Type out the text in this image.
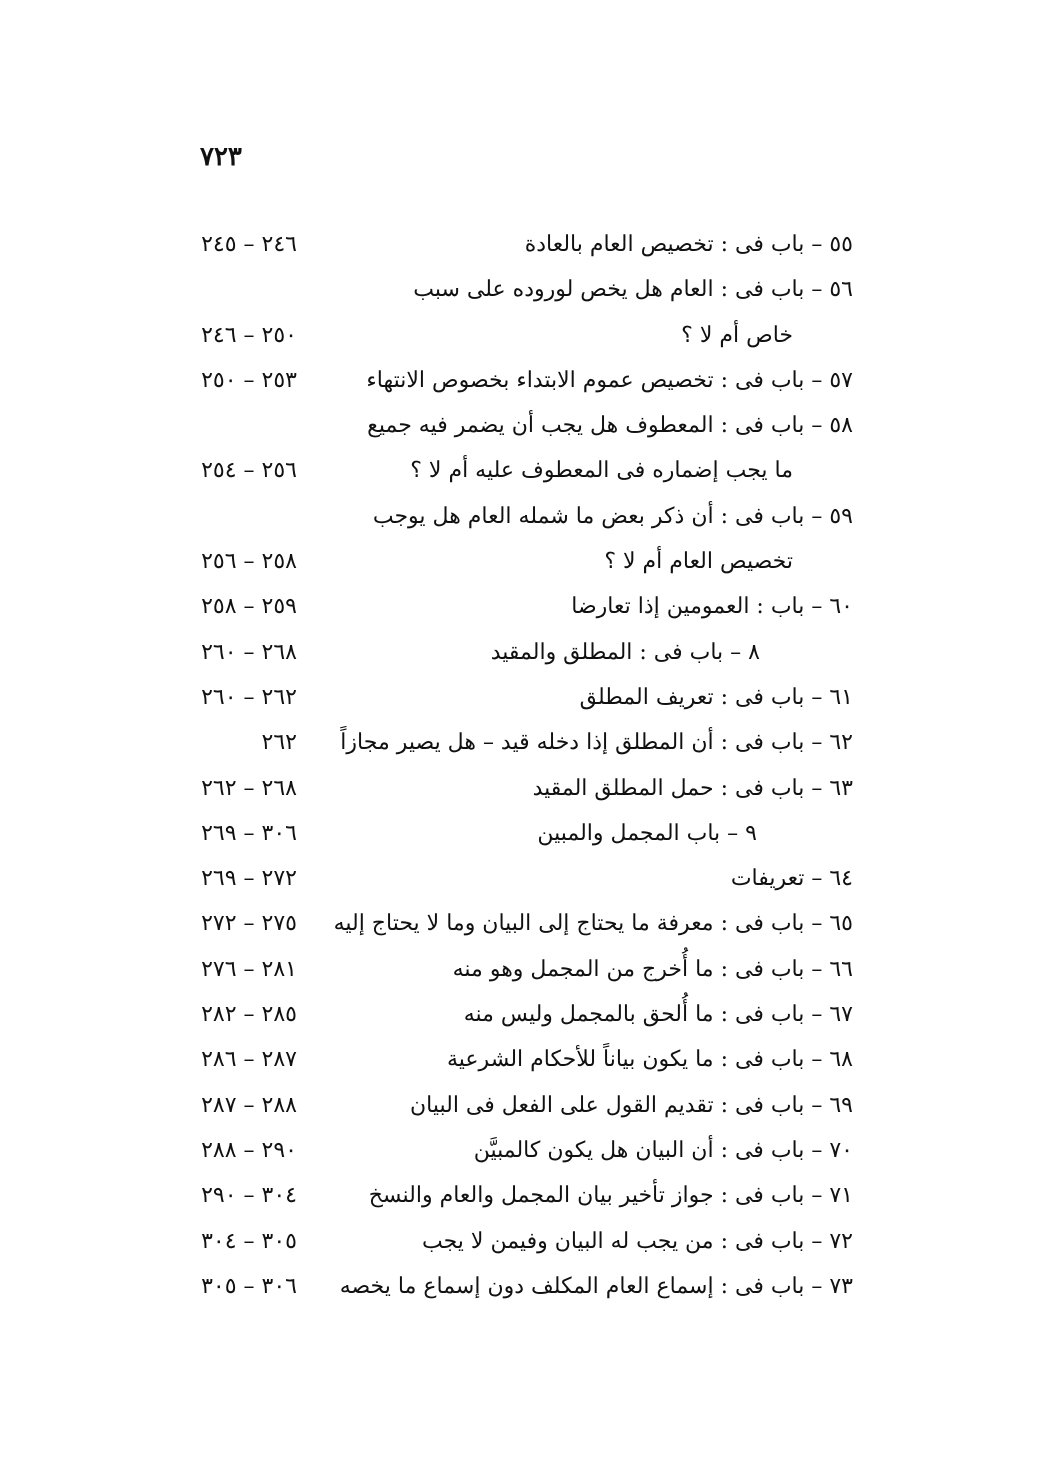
٧٢٣
٥٥ – باب فى : تخصيص العام بالعادة
٢٤٦ – ٢٤٥
٥٦ – باب فى : العام هل يخص لوروده على سبب
خاص أم لا ؟
٢٥٠ – ٢٤٦
٥٧ – باب فى : تخصيص عموم الابتداء بخصوص الانتهاء
٢٥٣ – ٢٥٠
٥٨ – باب فى : المعطوف هل يجب أن يضمر فيه جميع
ما يجب إضماره فى المعطوف عليه أم لا ؟
٢٥٦ – ٢٥٤
٥٩ – باب فى : أن ذكر بعض ما شمله العام هل يوجب
تخصيص العام أم لا ؟
٢٥٨ – ٢٥٦
٦٠ – باب : العمومين إذا تعارضا
٢٥٩ – ٢٥٨
٨ – باب فى : المطلق والمقيد
٢٦٨ – ٢٦٠
٦١ – باب فى : تعريف المطلق
٢٦٢ – ٢٦٠
٦٢ – باب فى : أن المطلق إذا دخله قيد – هل يصير مجازاً
٢٦٢
٦٣ – باب فى : حمل المطلق المقيد
٢٦٨ – ٢٦٢
٩ – باب المجمل والمبين
٣٠٦ – ٢٦٩
٦٤ – تعريفات
٢٧٢ – ٢٦٩
٦٥ – باب فى : معرفة ما يحتاج إلى البيان وما لا يحتاج إليه
٢٧٥ – ٢٧٢
٦٦ – باب فى : ما أُخرج من المجمل وهو منه
٢٨١ – ٢٧٦
٦٧ – باب فى : ما أُلحق بالمجمل وليس منه
٢٨٥ – ٢٨٢
٦٨ – باب فى : ما يكون بياناً للأحكام الشرعية
٢٨٧ – ٢٨٦
٦٩ – باب فى : تقديم القول على الفعل فى البيان
٢٨٨ – ٢٨٧
٧٠ – باب فى : أن البيان هل يكون كالمبيَّن
٢٩٠ – ٢٨٨
٧١ – باب فى : جواز تأخير بيان المجمل والعام والنسخ
٣٠٤ – ٢٩٠
٧٢ – باب فى : من يجب له البيان وفيمن لا يجب
٣٠٥ – ٣٠٤
٧٣ – باب فى : إسماع العام المكلف دون إسماع ما يخصه
٣٠٦ – ٣٠٥
